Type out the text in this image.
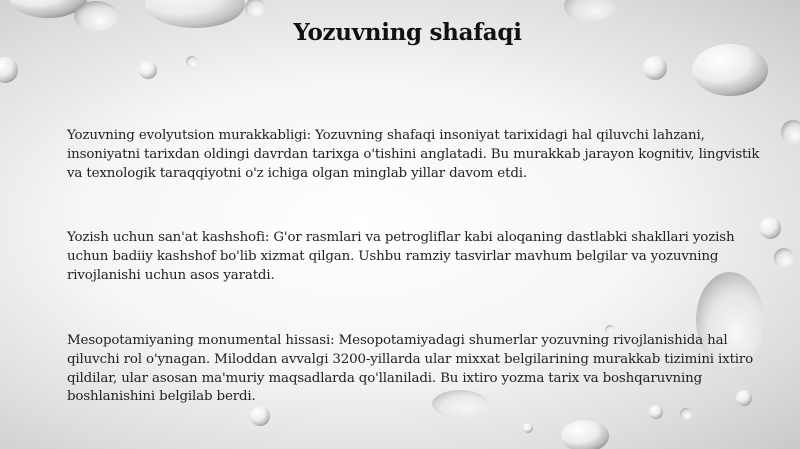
Yozuvning shafaqi
Yozuvning evolyutsion murakkabligi: Yozuvning shafaqi insoniyat tarixidagi hal qiluvchi lahzani, insoniyatni tarixdan oldingi davrdan tarixga o'tishini anglatadi. Bu murakkab jarayon kognitiv, lingvistik va texnologik taraqqiyotni o'z ichiga olgan minglab yillar davom etdi.
Yozish uchun san'at kashshofi: G'or rasmlari va petrogliflar kabi aloqaning dastlabki shakllari yozish uchun badiiy kashshof bo'lib xizmat qilgan. Ushbu ramziy tasvirlar mavhum belgilar va yozuvning rivojlanishi uchun asos yaratdi.
Mesopotamiyaning monumental hissasi: Mesopotamiyadagi shumerlar yozuvning rivojlanishida hal qiluvchi rol o'ynagan. Miloddan avvalgi 3200-yillarda ular mixxat belgilarining murakkab tizimini ixtiro qildilar, ular asosan ma'muriy maqsadlarda qo'llaniladi. Bu ixtiro yozma tarix va boshqaruvning boshlanishini belgilab berdi.
